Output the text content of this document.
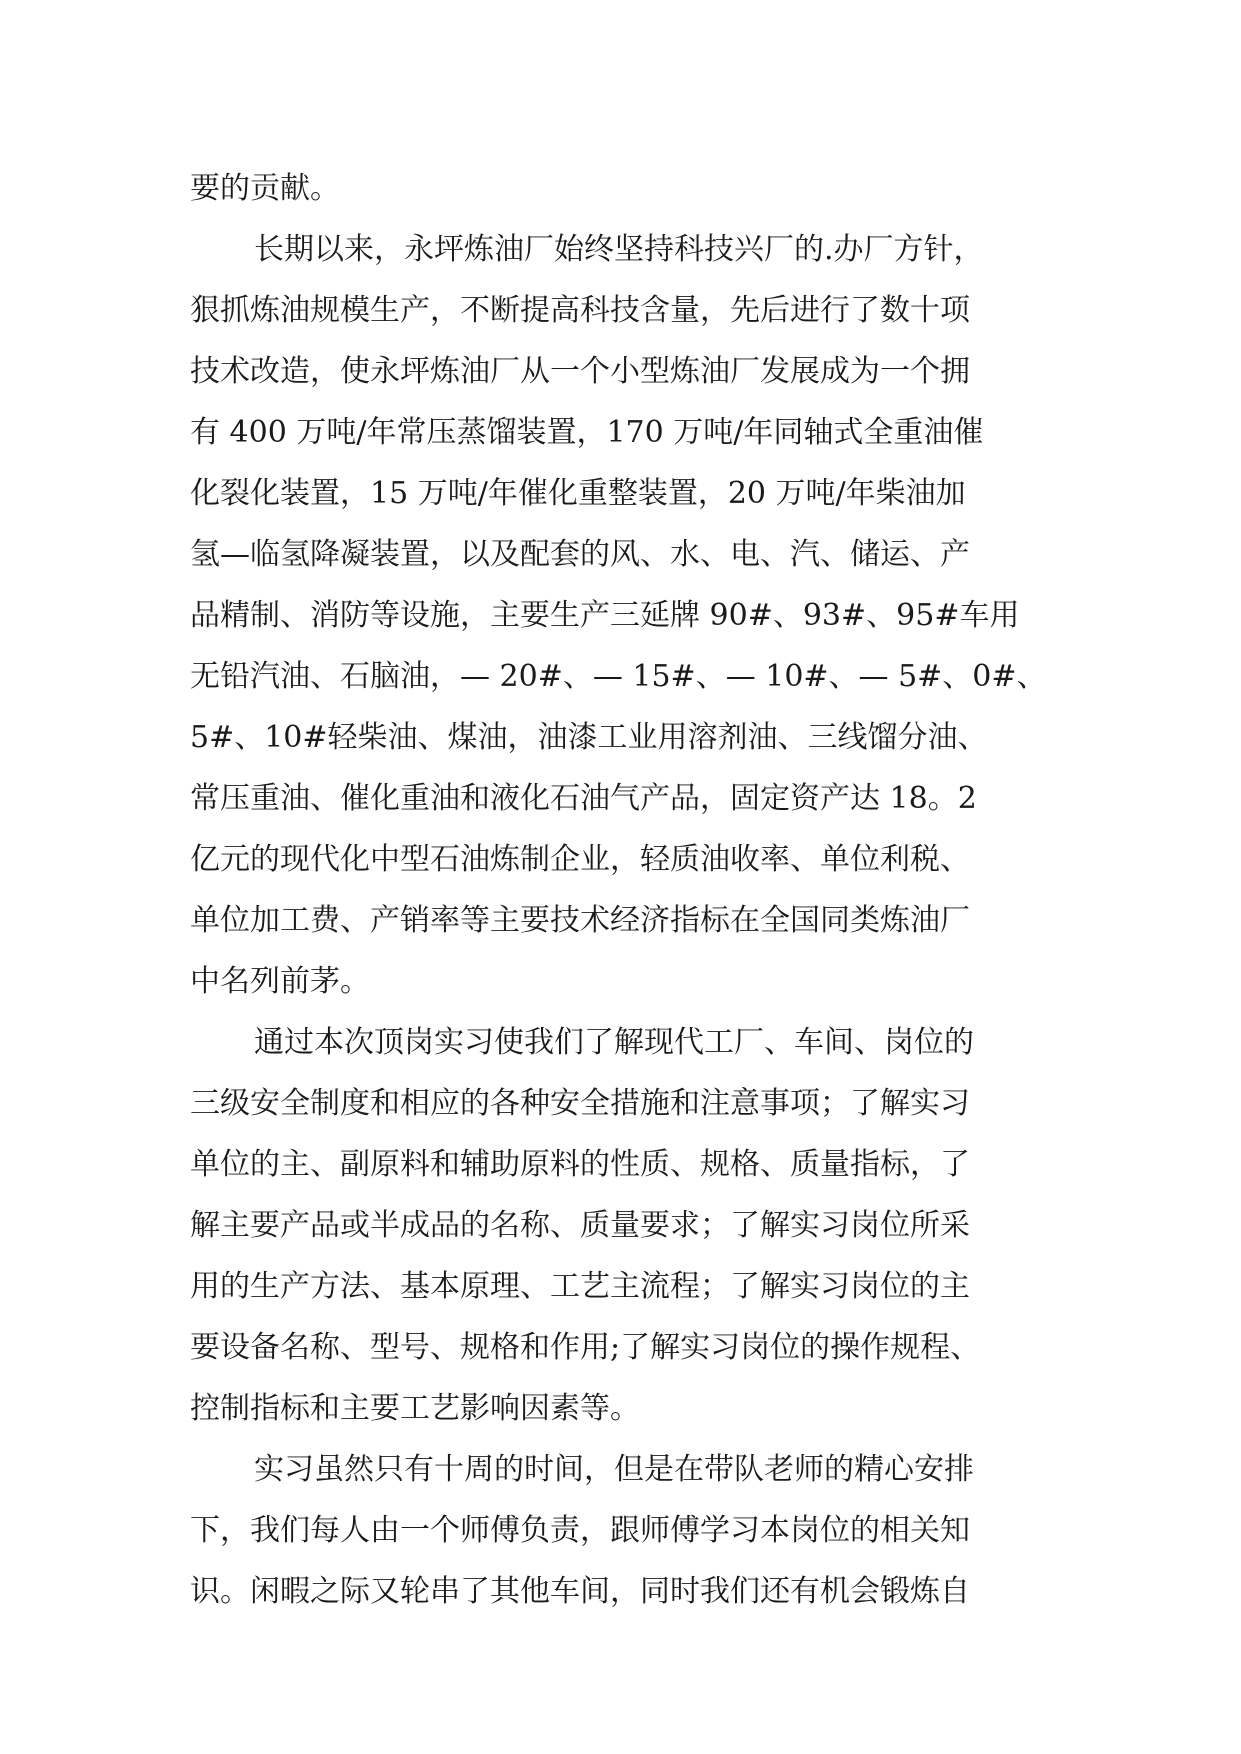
要的贡献。
长期以来，永坪炼油厂始终坚持科技兴厂的.办厂方针，
狠抓炼油规模生产，不断提高科技含量，先后进行了数十项
技术改造，使永坪炼油厂从一个小型炼油厂发展成为一个拥
有 400 万吨/年常压蒸馏装置，170 万吨/年同轴式全重油催
化裂化装置，15 万吨/年催化重整装置，20 万吨/年柴油加
氢—临氢降凝装置，以及配套的风、水、电、汽、储运、产
品精制、消防等设施，主要生产三延牌 90#、93#、95#车用
无铅汽油、石脑油，— 20#、— 15#、— 10#、— 5#、0#、
5#、10#轻柴油、煤油，油漆工业用溶剂油、三线馏分油、
常压重油、催化重油和液化石油气产品，固定资产达 18。2
亿元的现代化中型石油炼制企业，轻质油收率、单位利税、
单位加工费、产销率等主要技术经济指标在全国同类炼油厂
中名列前茅。
通过本次顶岗实习使我们了解现代工厂、车间、岗位的
三级安全制度和相应的各种安全措施和注意事项；了解实习
单位的主、副原料和辅助原料的性质、规格、质量指标，了
解主要产品或半成品的名称、质量要求；了解实习岗位所采
用的生产方法、基本原理、工艺主流程；了解实习岗位的主
要设备名称、型号、规格和作用;了解实习岗位的操作规程、
控制指标和主要工艺影响因素等。
实习虽然只有十周的时间，但是在带队老师的精心安排
下，我们每人由一个师傅负责，跟师傅学习本岗位的相关知
识。闲暇之际又轮串了其他车间，同时我们还有机会锻炼自
